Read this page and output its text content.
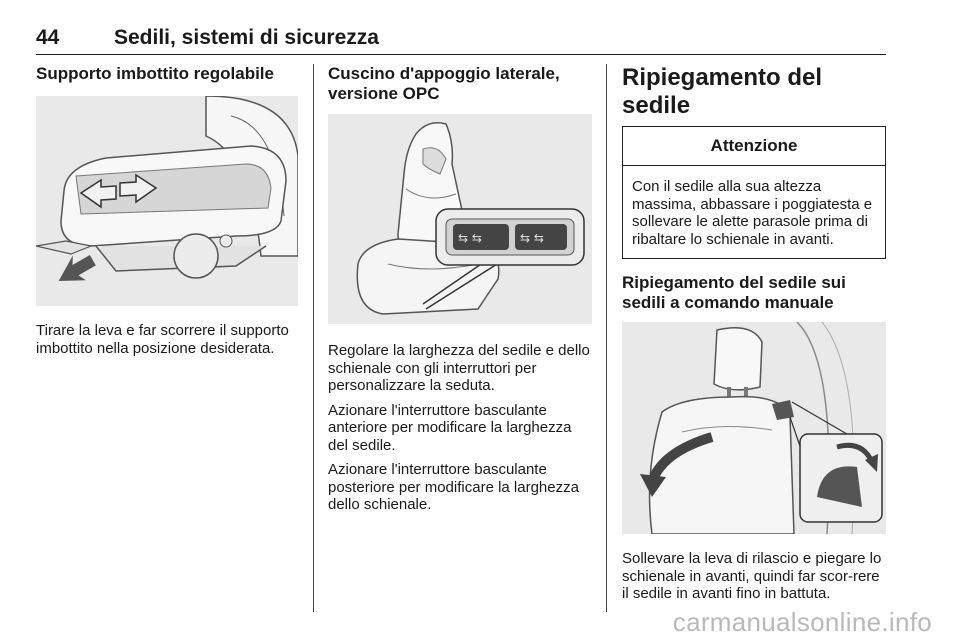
44	Sedili, sistemi di sicurezza
Supporto imbottito regolabile

Tirare la leva e far scorrere il supporto imbottito nella posizione desiderata.

Cuscino d'appoggio laterale, versione OPC
⇆ ⇆	⇆ ⇆

Regolare la larghezza del sedile e dello schienale con gli interruttori per personalizzare la seduta.

Azionare l'interruttore basculante anteriore per modificare la larghezza del sedile.

Azionare l'interruttore basculante posteriore per modificare la larghezza dello schienale.

Ripiegamento del sedile
Attenzione
Con il sedile alla sua altezza massima, abbassare i poggiatesta e sollevare le alette parasole prima di ribaltare lo schienale in avanti.
Ripiegamento del sedile sui sedili a comando manuale

Sollevare la leva di rilascio e piegare lo schienale in avanti, quindi far scor-rere il sedile in avanti fino in battuta.

carmanualsonline.info
